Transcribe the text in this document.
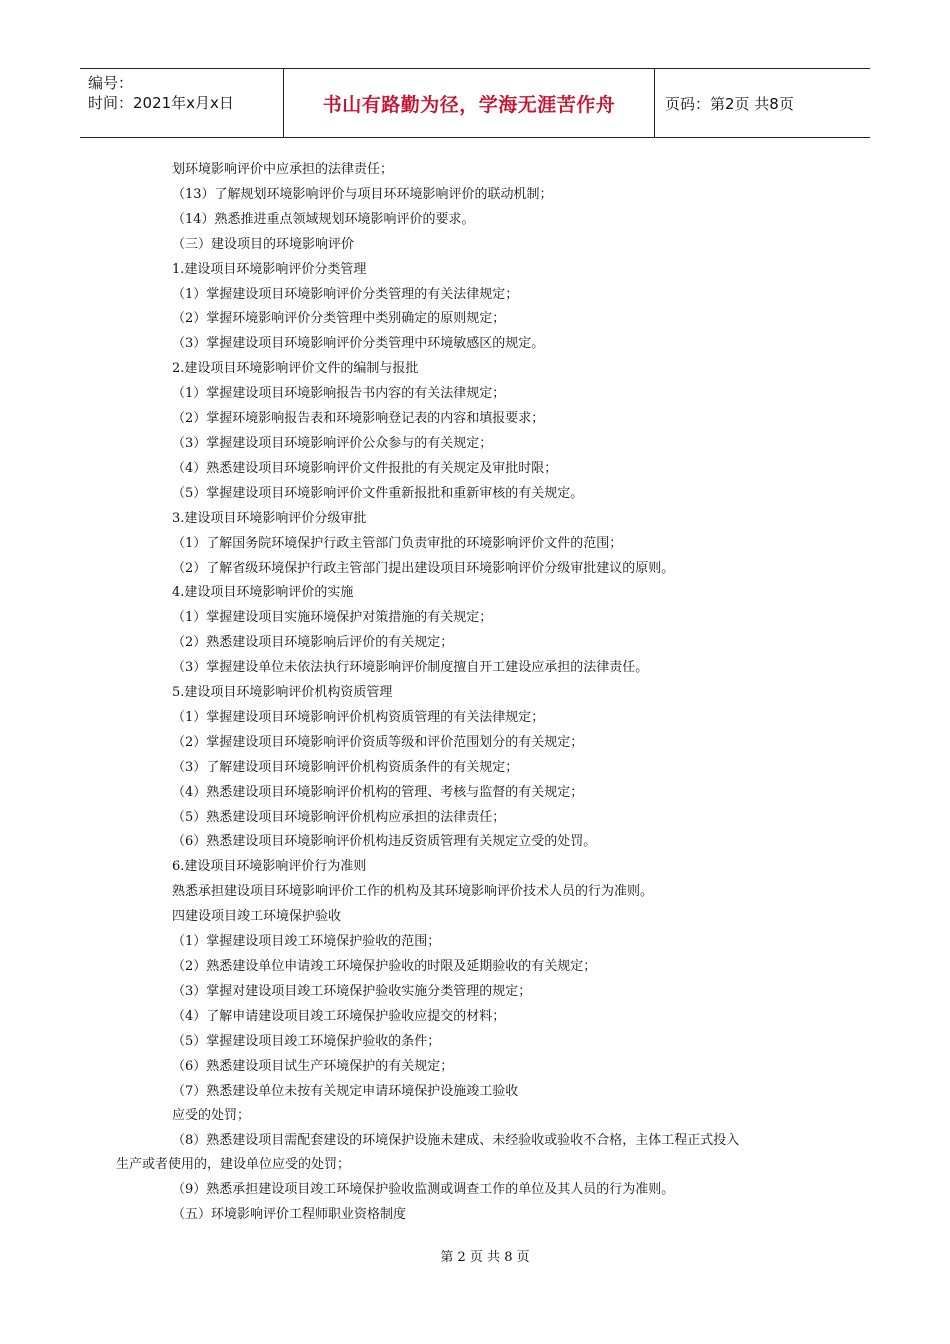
编号：
时间：2021年x月x日	书山有路勤为径，学海无涯苦作舟	页码：第2页 共8页
划环境影响评价中应承担的法律责任；
（13）了解规划环境影响评价与项目环环境影响评价的联动机制；
（14）熟悉推进重点领域规划环境影响评价的要求。
（三）建设项目的环境影响评价
1.建设项目环境影响评价分类管理
（1）掌握建设项目环境影响评价分类管理的有关法律规定；
（2）掌握环境影响评价分类管理中类别确定的原则规定；
（3）掌握建设项目环境影响评价分类管理中环境敏感区的规定。
2.建设项目环境影响评价文件的编制与报批
（1）掌握建设项目环境影响报告书内容的有关法律规定；
（2）掌握环境影响报告表和环境影响登记表的内容和填报要求；
（3）掌握建设项目环境影响评价公众参与的有关规定；
（4）熟悉建设项目环境影响评价文件报批的有关规定及审批时限；
（5）掌握建设项目环境影响评价文件重新报批和重新审核的有关规定。
3.建设项目环境影响评价分级审批
（1）了解国务院环境保护行政主管部门负责审批的环境影响评价文件的范围；
（2）了解省级环境保护行政主管部门提出建设项目环境影响评价分级审批建议的原则。
4.建设项目环境影响评价的实施
（1）掌握建设项目实施环境保护对策措施的有关规定；
（2）熟悉建设项目环境影响后评价的有关规定；
（3）掌握建设单位未依法执行环境影响评价制度擅自开工建设应承担的法律责任。
5.建设项目环境影响评价机构资质管理
（1）掌握建设项目环境影响评价机构资质管理的有关法律规定；
（2）掌握建设项目环境影响评价资质等级和评价范围划分的有关规定；
（3）了解建设项目环境影响评价机构资质条件的有关规定；
（4）熟悉建设项目环境影响评价机构的管理、考核与监督的有关规定；
（5）熟悉建设项目环境影响评价机构应承担的法律责任；
（6）熟悉建设项目环境影响评价机构违反资质管理有关规定立受的处罚。
6.建设项目环境影响评价行为准则
熟悉承担建设项目环境影响评价工作的机构及其环境影响评价技术人员的行为准则。
四建设项目竣工环境保护验收
（1）掌握建设项目竣工环境保护验收的范围；
（2）熟悉建设单位申请竣工环境保护验收的时限及延期验收的有关规定；
（3）掌握对建设项目竣工环境保护验收实施分类管理的规定；
（4）了解申请建设项目竣工环境保护验收应提交的材料；
（5）掌握建设项目竣工环境保护验收的条件；
（6）熟悉建设项目试生产环境保护的有关规定；
（7）熟悉建设单位未按有关规定申请环境保护设施竣工验收
应受的处罚；
（8）熟悉建设项目需配套建设的环境保护设施未建成、未经验收或验收不合格，主体工程正式投入
生产或者使用的，建设单位应受的处罚；
（9）熟悉承担建设项目竣工环境保护验收监测或调查工作的单位及其人员的行为准则。
（五）环境影响评价工程师职业资格制度
第 2 页 共 8 页
